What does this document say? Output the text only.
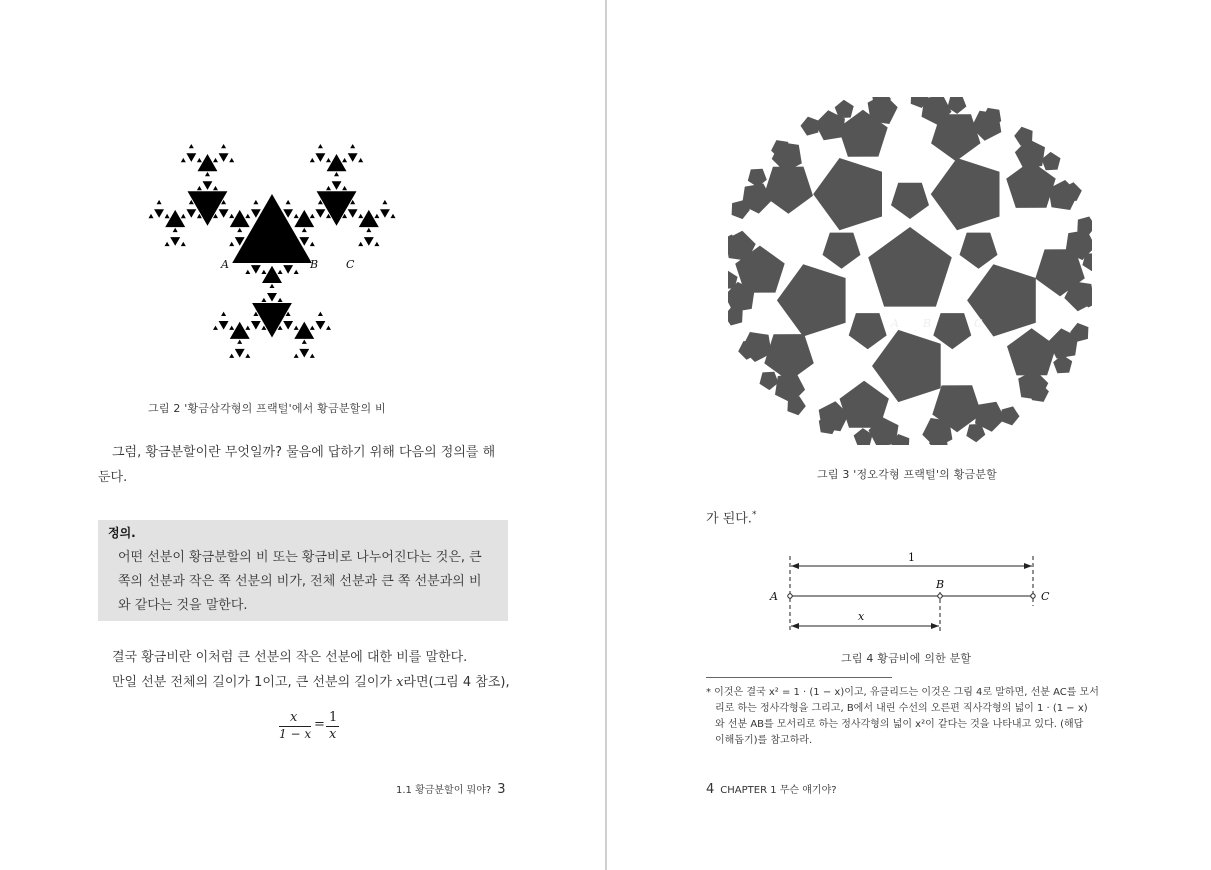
A	B	C
그림 2 '황금삼각형의 프랙털'에서 황금분할의 비
그럼, 황금분할이란 무엇일까? 물음에 답하기 위해 다음의 정의를 해
둔다.
정의.
어떤 선분이 황금분할의 비 또는 황금비로 나누어진다는 것은, 큰
쪽의 선분과 작은 쪽 선분의 비가, 전체 선분과 큰 쪽 선분과의 비
와 같다는 것을 말한다.
결국 황금비란 이처럼 큰 선분의 작은 선분에 대한 비를 말한다.
만일 선분 전체의 길이가 1이고, 큰 선분의 길이가 x라면(그림 4 참조),
x
1 − x
= 1
x
1.1 황금분할이 뭐야? 3
A B	C
그림 3 '정오각형 프랙털'의 황금분할
가 된다.*
1
A
B
C
x
그림 4 황금비에 의한 분할
* 이것은 결국 x² = 1 · (1 − x)이고, 유클리드는 이것은 그림 4로 말하면, 선분 AC를 모서
리로 하는 정사각형을 그리고, B에서 내린 수선의 오른편 직사각형의 넓이 1 · (1 − x)
와 선분 AB를 모서리로 하는 정사각형의 넓이 x²이 같다는 것을 나타내고 있다. (해답
이해돕기)를 참고하라.
4 CHAPTER 1 무슨 얘기야?
